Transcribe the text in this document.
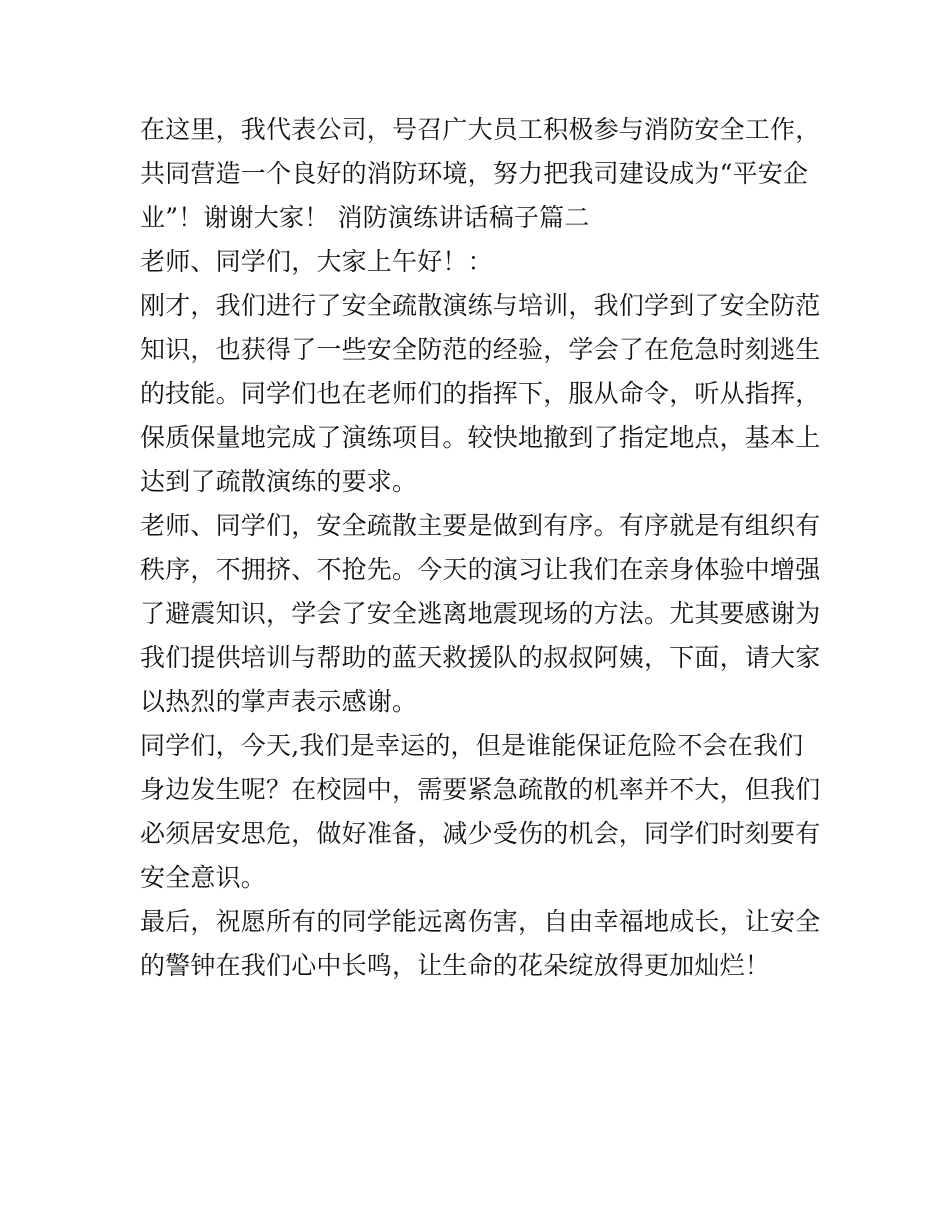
在这里，我代表公司，号召广大员工积极参与消防安全工作，
共同营造一个良好的消防环境，努力把我司建设成为“平安企
业”！谢谢大家！ 消防演练讲话稿子篇二
老师、同学们，大家上午好！：
刚才，我们进行了安全疏散演练与培训，我们学到了安全防范
知识，也获得了一些安全防范的经验，学会了在危急时刻逃生
的技能。同学们也在老师们的指挥下，服从命令，听从指挥，
保质保量地完成了演练项目。较快地撤到了指定地点，基本上
达到了疏散演练的要求。
老师、同学们，安全疏散主要是做到有序。有序就是有组织有
秩序，不拥挤、不抢先。今天的演习让我们在亲身体验中增强
了避震知识，学会了安全逃离地震现场的方法。尤其要感谢为
我们提供培训与帮助的蓝天救援队的叔叔阿姨，下面，请大家
以热烈的掌声表示感谢。
同学们，今天,我们是幸运的，但是谁能保证危险不会在我们
身边发生呢？在校园中，需要紧急疏散的机率并不大，但我们
必须居安思危，做好准备，减少受伤的机会，同学们时刻要有
安全意识。
最后，祝愿所有的同学能远离伤害，自由幸福地成长，让安全
的警钟在我们心中长鸣，让生命的花朵绽放得更加灿烂！
